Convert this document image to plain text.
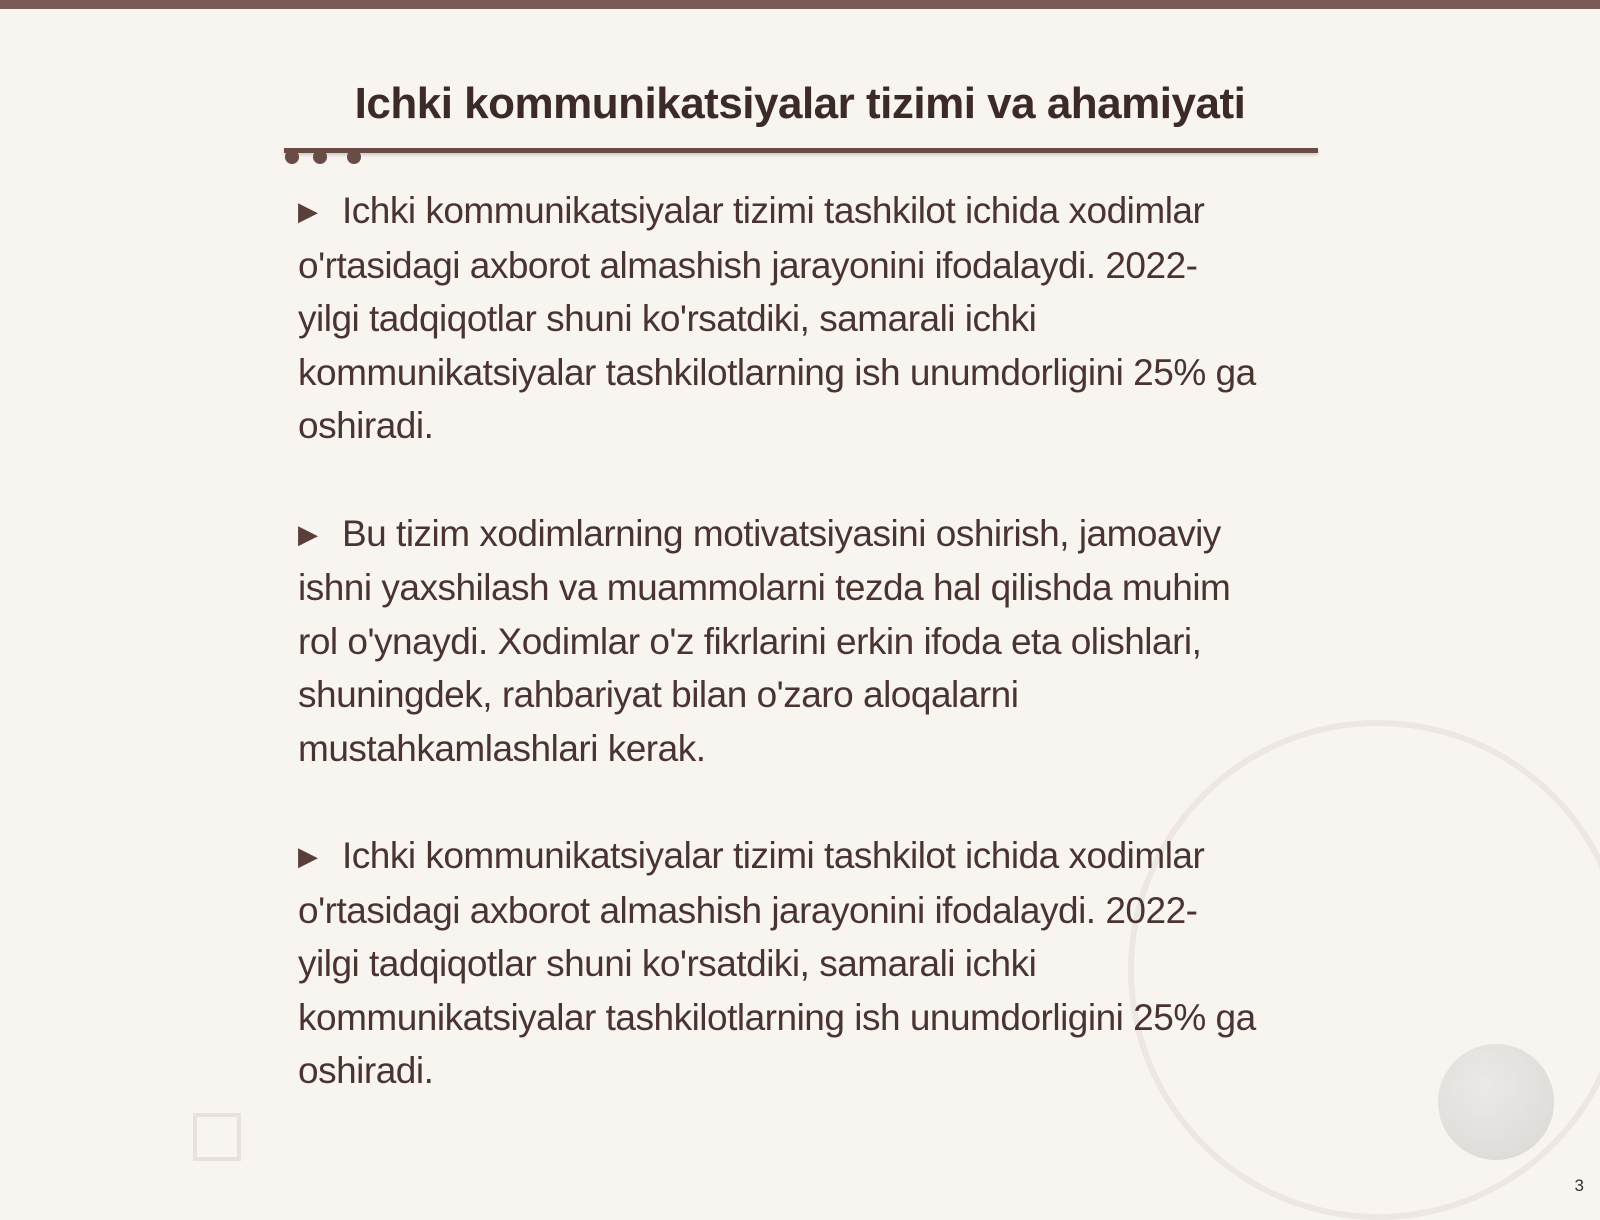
Ichki kommunikatsiyalar tizimi va ahamiyati

▶ Ichki kommunikatsiyalar tizimi tashkilot ichida xodimlar o'rtasidagi axborot almashish jarayonini ifodalaydi. 2022-yilgi tadqiqotlar shuni ko'rsatdiki, samarali ichki kommunikatsiyalar tashkilotlarning ish unumdorligini 25% ga oshiradi.

▶ Bu tizim xodimlarning motivatsiyasini oshirish, jamoaviy ishni yaxshilash va muammolarni tezda hal qilishda muhim rol o'ynaydi. Xodimlar o'z fikrlarini erkin ifoda eta olishlari, shuningdek, rahbariyat bilan o'zaro aloqalarni mustahkamlashlari kerak.

▶ Ichki kommunikatsiyalar tizimi tashkilot ichida xodimlar o'rtasidagi axborot almashish jarayonini ifodalaydi. 2022-yilgi tadqiqotlar shuni ko'rsatdiki, samarali ichki kommunikatsiyalar tashkilotlarning ish unumdorligini 25% ga oshiradi.

3
